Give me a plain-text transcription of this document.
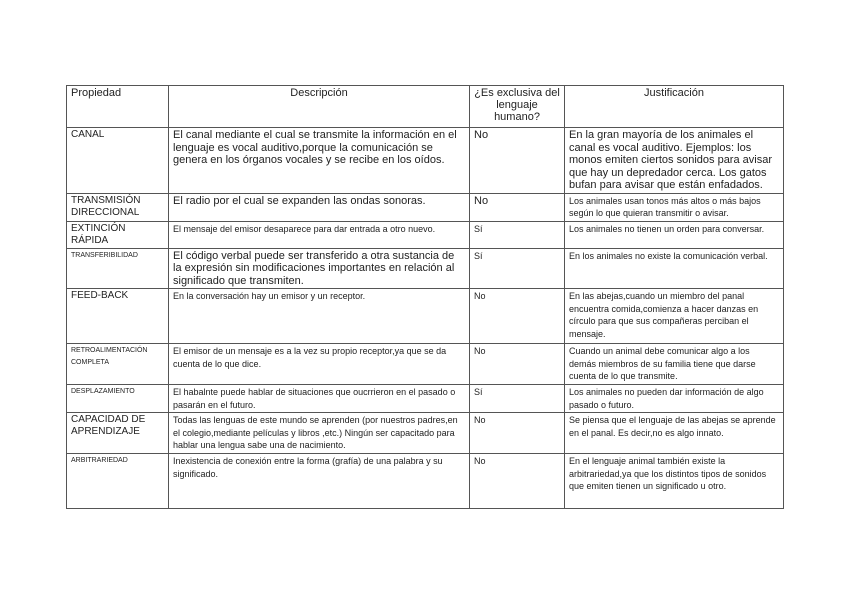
Propiedad	Descripción	¿Es exclusiva del lenguaje humano?	Justificación
CANAL	El canal mediante el cual se transmite la información en el lenguaje es vocal auditivo,porque la comunicación se genera en los órganos vocales y se recibe en los oídos.	No	En la gran mayoría de los animales el canal es vocal auditivo. Ejemplos: los monos emiten ciertos sonidos para avisar que hay un depredador cerca. Los gatos bufan para avisar que están enfadados.
TRANSMISIÓN DIRECCIONAL	El radio por el cual se expanden las ondas sonoras.	No	Los animales usan tonos más altos o más bajos según lo que quieran transmitir o avisar.
EXTINCIÓN RÁPIDA	El mensaje del emisor desaparece para dar entrada a otro nuevo.	Sí	Los animales no tienen un orden para conversar.
TRANSFERIBILIDAD	El código verbal puede ser transferido a otra sustancia de la expresión sin modificaciones importantes en relación al significado que transmiten.	Sí	En los animales no existe la comunicación verbal.
FEED-BACK	En la conversación hay un emisor y un receptor.	No	En las abejas,cuando un miembro del panal encuentra comida,comienza a hacer danzas en círculo para que sus compañeras perciban el mensaje.
RETROALIMENTACIÓN COMPLETA	El emisor de un mensaje es a la vez su propio receptor,ya que se da cuenta de lo que dice.	No	Cuando un animal debe comunicar algo a los demás miembros de su familia tiene que darse cuenta de lo que transmite.
DESPLAZAMIENTO	El habalnte puede hablar de situaciones que oucrrieron en el pasado o pasarán en el futuro.	Sí	Los animales no pueden dar información de algo pasado o futuro.
CAPACIDAD DE APRENDIZAJE	Todas las lenguas de este mundo se aprenden (por nuestros padres,en el colegio,mediante películas y libros ,etc.) Ningún ser capacitado para hablar una lengua sabe una de nacimiento.	No	Se piensa que el lenguaje de las abejas se aprende en el panal. Es decir,no es algo innato.
ARBITRARIEDAD	Inexistencia de conexión entre la forma (grafía) de una palabra y su significado.	No	En el lenguaje animal también existe la arbitrariedad,ya que los distintos tipos de sonidos que emiten tienen un significado u otro.
